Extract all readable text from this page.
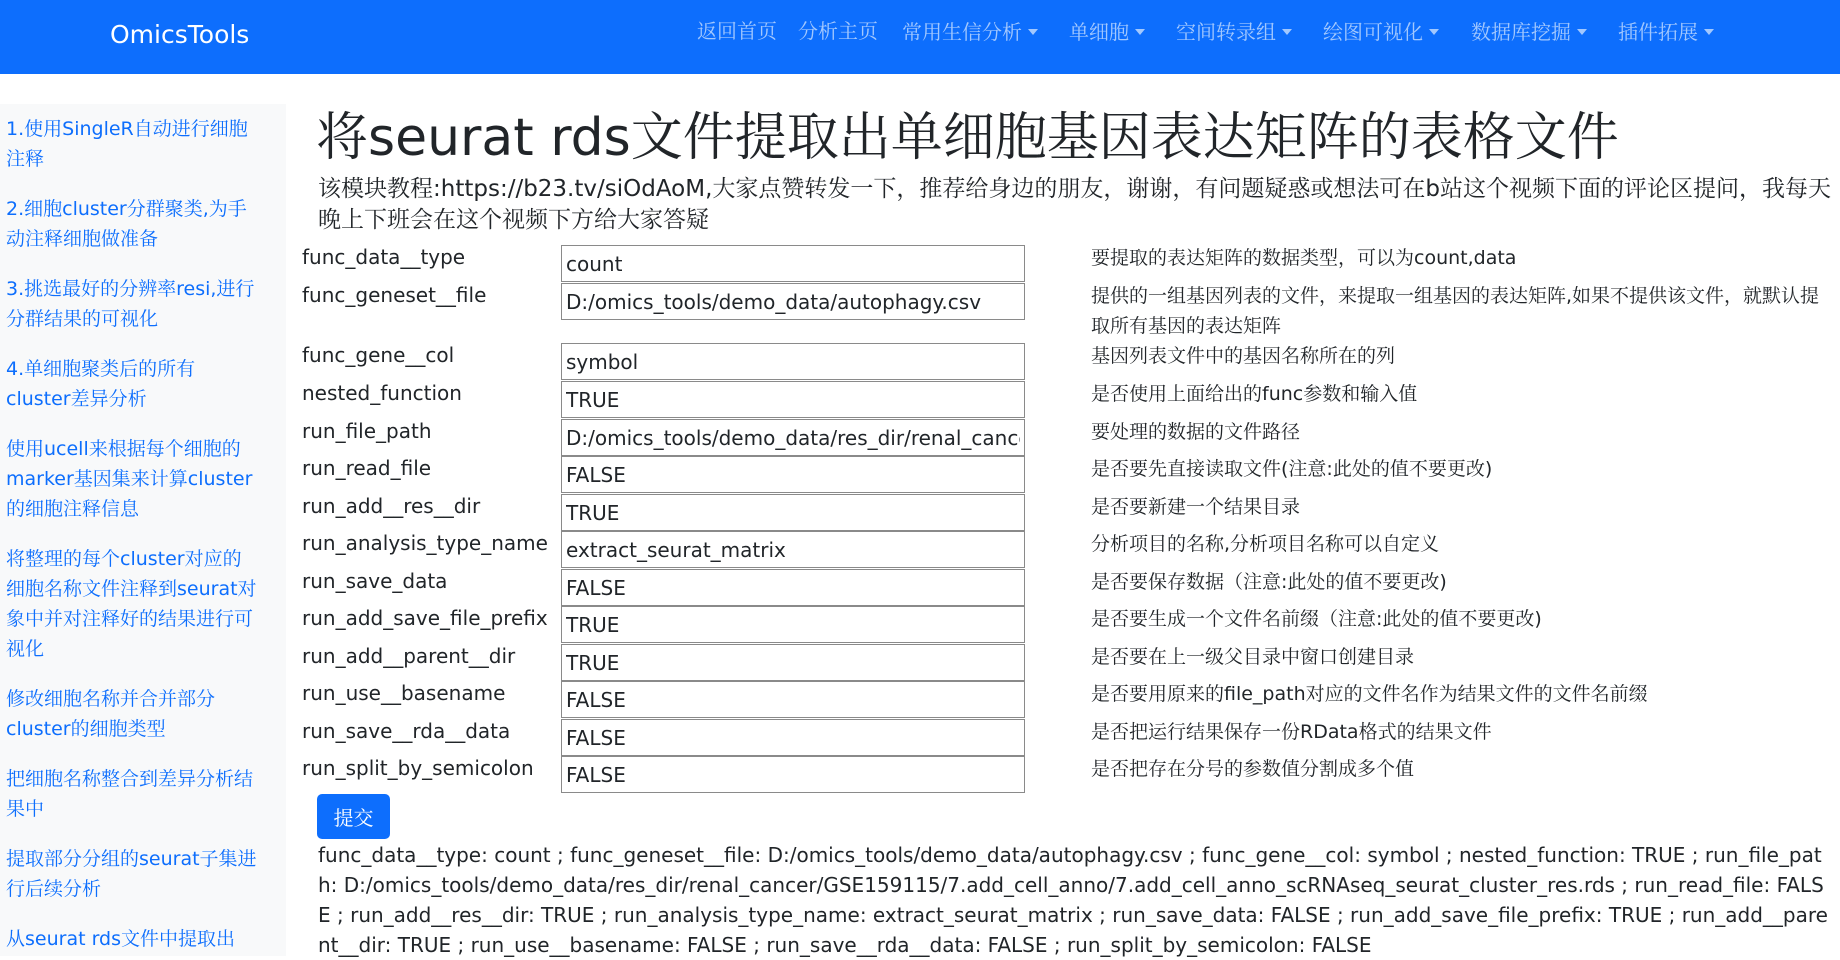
OmicsTools	返回首页 分析主页 常用生信分析	单细胞	空间转录组	绘图可视化	数据库挖掘	插件拓展
1.使用SingleR自动进行细胞注释
2.细胞cluster分群聚类,为手动注释细胞做准备
3.挑选最好的分辨率resi,进行分群结果的可视化
4.单细胞聚类后的所有cluster差异分析
使用ucell来根据每个细胞的marker基因集来计算cluster的细胞注释信息
将整理的每个cluster对应的细胞名称文件注释到seurat对象中并对注释好的结果进行可视化
修改细胞名称并合并部分cluster的细胞类型
把细胞名称整合到差异分析结果中
提取部分分组的seurat子集进行后续分析
从seurat rds文件中提取出
将seurat rds文件提取出单细胞基因表达矩阵的表格文件

该模块教程:https://b23.tv/siOdAoM,大家点赞转发一下，推荐给身边的朋友，谢谢，有问题疑惑或想法可在b站这个视频下面的评论区提问，我每天晚上下班会在这个视频下方给大家答疑

func_data__type
count	要提取的表达矩阵的数据类型，可以为count,data
func_geneset__file
D:/omics_tools/demo_data/autophagy.csv	提供的一组基因列表的文件，来提取一组基因的表达矩阵,如果不提供该文件，就默认提取所有基因的表达矩阵
func_gene__col
symbol	基因列表文件中的基因名称所在的列
nested_function
TRUE	是否使用上面给出的func参数和输入值
run_file_path
D:/omics_tools/demo_data/res_dir/renal_cancer/GSE159115/7.add_cell_anno/7.add_cell_anno_scRNAseq_seurat_cluster_res.rds	要处理的数据的文件路径
run_read_file
FALSE	是否要先直接读取文件(注意:此处的值不要更改)
run_add__res__dir
TRUE	是否要新建一个结果目录
run_analysis_type_name
extract_seurat_matrix	分析项目的名称,分析项目名称可以自定义
run_save_data
FALSE	是否要保存数据（注意:此处的值不要更改)
run_add_save_file_prefix
TRUE	是否要生成一个文件名前缀（注意:此处的值不要更改)
run_add__parent__dir
TRUE	是否要在上一级父目录中窗口创建目录
run_use__basename
FALSE	是否要用原来的file_path对应的文件名作为结果文件的文件名前缀
run_save__rda__data
FALSE	是否把运行结果保存一份RData格式的结果文件
run_split_by_semicolon
FALSE	是否把存在分号的参数值分割成多个值
提交

func_data__type: count ; func_geneset__file: D:/omics_tools/demo_data/autophagy.csv ; func_gene__col: symbol ; nested_function: TRUE ; run_file_path: D:/omics_tools/demo_data/res_dir/renal_cancer/GSE159115/7.add_cell_anno/7.add_cell_anno_scRNAseq_seurat_cluster_res.rds ; run_read_file: FALSE ; run_add__res__dir: TRUE ; run_analysis_type_name: extract_seurat_matrix ; run_save_data: FALSE ; run_add_save_file_prefix: TRUE ; run_add__parent__dir: TRUE ; run_use__basename: FALSE ; run_save__rda__data: FALSE ; run_split_by_semicolon: FALSE
